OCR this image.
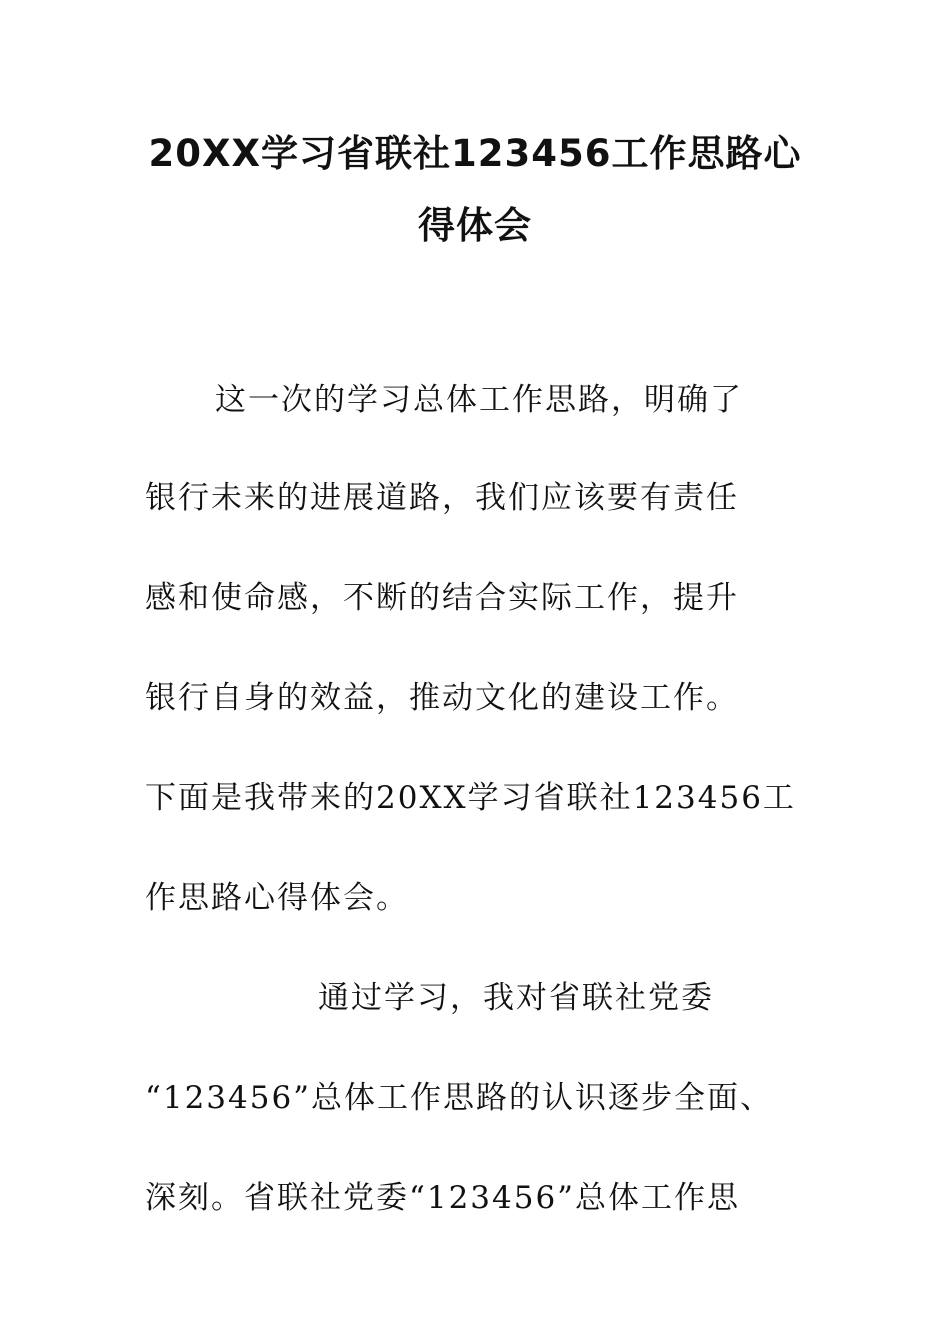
20XX学习省联社123456工作思路心
得体会
这一次的学习总体工作思路，明确了
银行未来的进展道路，我们应该要有责任
感和使命感，不断的结合实际工作，提升
银行自身的效益，推动文化的建设工作。
下面是我带来的20XX学习省联社123456工
作思路心得体会。
通过学习，我对省联社党委
“123456”总体工作思路的认识逐步全面、
深刻。省联社党委“123456”总体工作思
